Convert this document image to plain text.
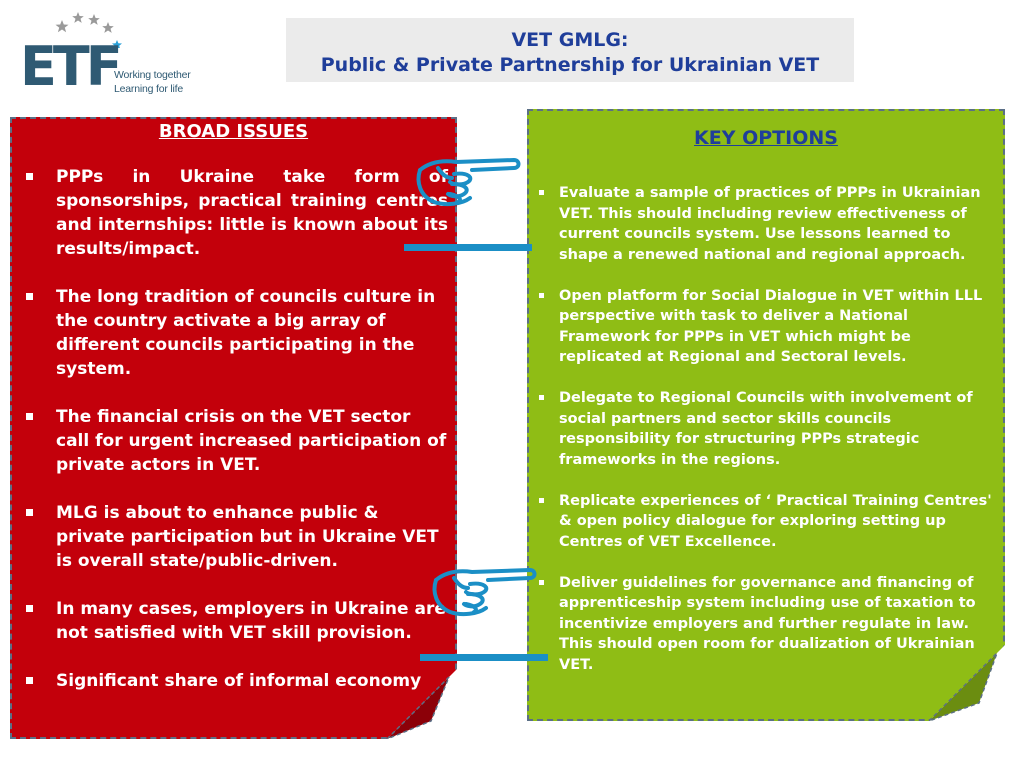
ETF
Working together
Learning for life
VET GMLG:
Public & Private Partnership for Ukrainian VET
BROAD ISSUES
PPPs in Ukraine take form of sponsorships, practical training centres and internships: little is known about its results/impact.
The long tradition of councils culture in the country activate a big array of different councils participating in the system.
The financial crisis on the VET sector call for urgent increased participation of private actors in VET.
MLG is about to enhance public & private participation but in Ukraine VET is overall state/public-driven.
In many cases, employers in Ukraine are not satisfied with VET skill provision.
Significant share of informal economy
KEY OPTIONS
Evaluate a sample of practices of PPPs in Ukrainian VET. This should including review effectiveness of current councils system. Use lessons learned to shape a renewed national and regional approach.
Open platform for Social Dialogue in VET within LLL perspective with task to deliver a National Framework for PPPs in VET which might be replicated at Regional and Sectoral levels.
Delegate to Regional Councils with involvement of social partners and sector skills councils responsibility for structuring PPPs strategic frameworks in the regions.
Replicate experiences of ‘ Practical Training Centres' & open policy dialogue for exploring setting up Centres of VET Excellence.
Deliver guidelines for governance and financing of apprenticeship system including use of taxation to incentivize employers and further regulate in law. This should open room for dualization of Ukrainian VET.
